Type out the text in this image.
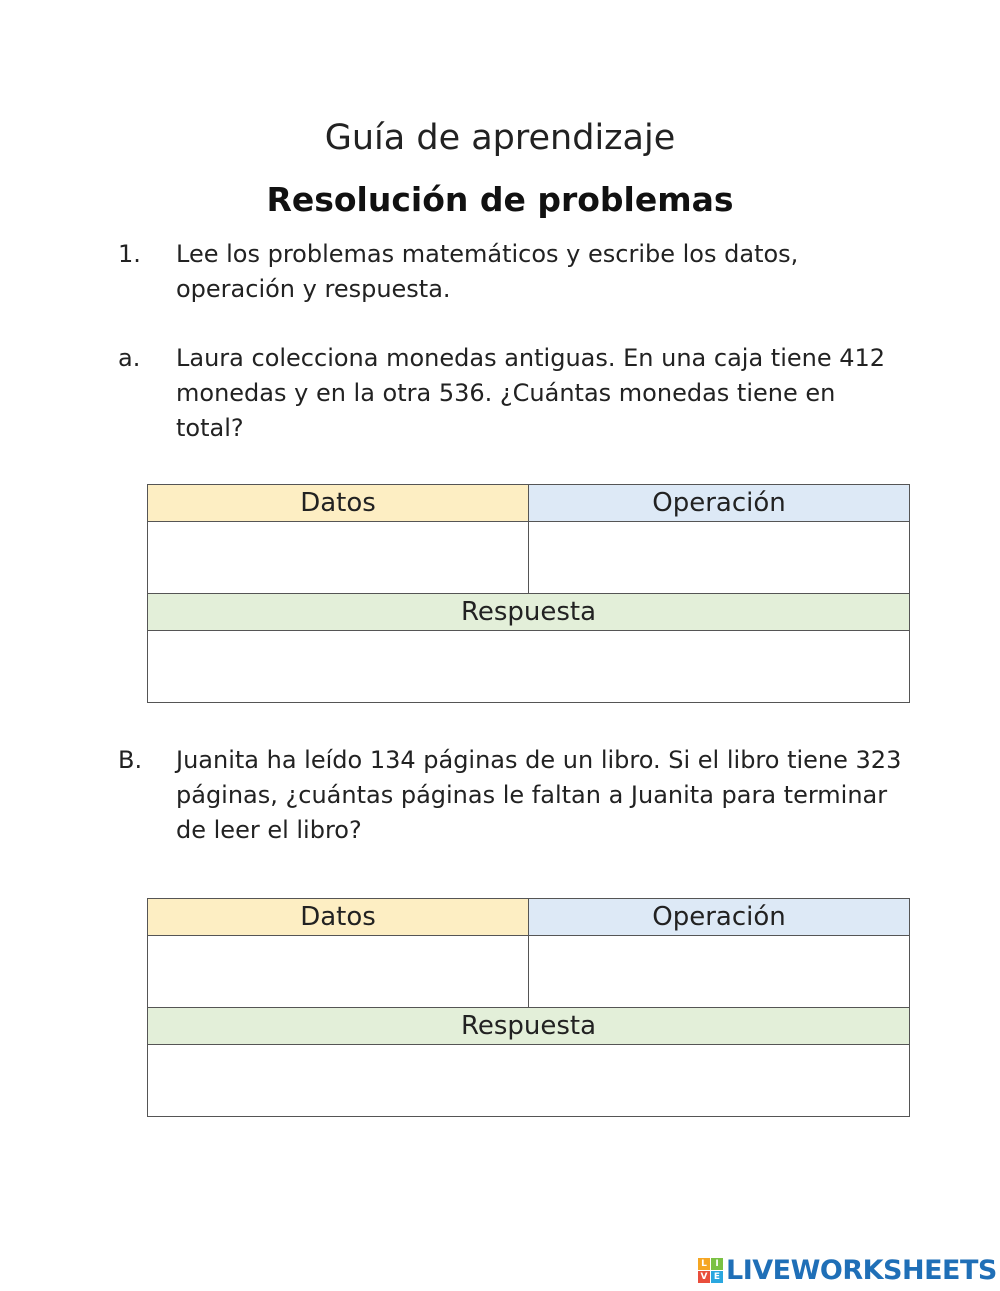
Guía de aprendizaje
Resolución de problemas
1. Lee los problemas matemáticos y escribe los datos, operación y respuesta.
a. Laura colecciona monedas antiguas. En una caja tiene 412 monedas y en la otra 536. ¿Cuántas monedas tiene en total?
Datos	Operación

Respuesta	

B. Juanita ha leído 134 páginas de un libro. Si el libro tiene 323 páginas, ¿cuántas páginas le faltan a Juanita para terminar de leer el libro?
Datos	Operación

Respuesta	

L I
V E LIVEWORKSHEETS
